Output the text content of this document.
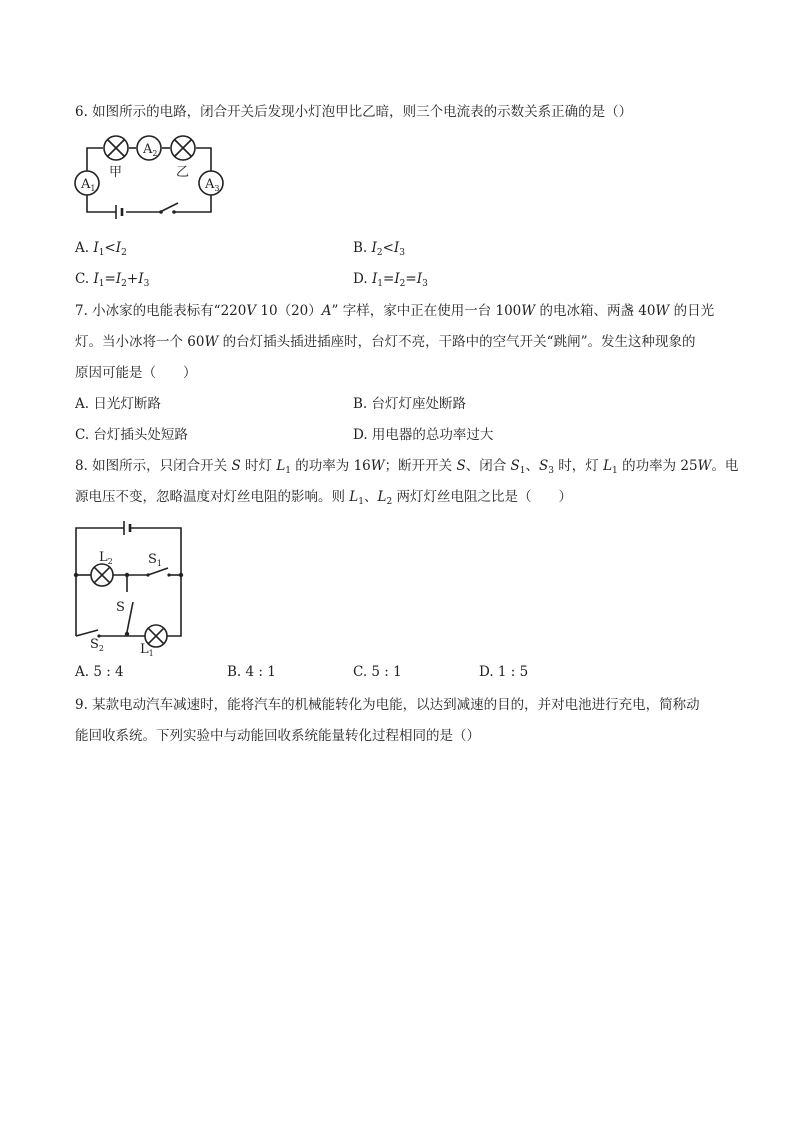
6. 如图所示的电路，闭合开关后发现小灯泡甲比乙暗，则三个电流表的示数关系正确的是（）
$A_2$
$A_1$	$A_3$
甲	乙
A. $I_1<I_2$	B. $I_2<I_3$
C. $I_1=I_2+I_3$	D. $I_1=I_2=I_3$
7. 小冰家的电能表标有“220V 10（20）A” 字样，家中正在使用一台 100W 的电冰箱、两盏 40W 的日光
灯。当小冰将一个 60W 的台灯插头插进插座时，台灯不亮，干路中的空气开关“跳闸”。发生这种现象的
原因可能是（　　）
A. 日光灯断路	B. 台灯灯座处断路
C. 台灯插头处短路	D. 用电器的总功率过大
8. 如图所示，只闭合开关 S 时灯 $L_1$ 的功率为 16W；断开开关 S、闭合 $S_1$、$S_3$ 时，灯 $L_1$ 的功率为 25W。电
源电压不变，忽略温度对灯丝电阻的影响。则 $L_1$、$L_2$ 两灯灯丝电阻之比是（　　）
$L_2$	$S_1$
S
$S_2$	$L_1$
A. 5 : 4	B. 4 : 1	C. 5 : 1	D. 1 : 5
9. 某款电动汽车减速时，能将汽车的机械能转化为电能，以达到减速的目的，并对电池进行充电，简称动
能回收系统。下列实验中与动能回收系统能量转化过程相同的是（）
